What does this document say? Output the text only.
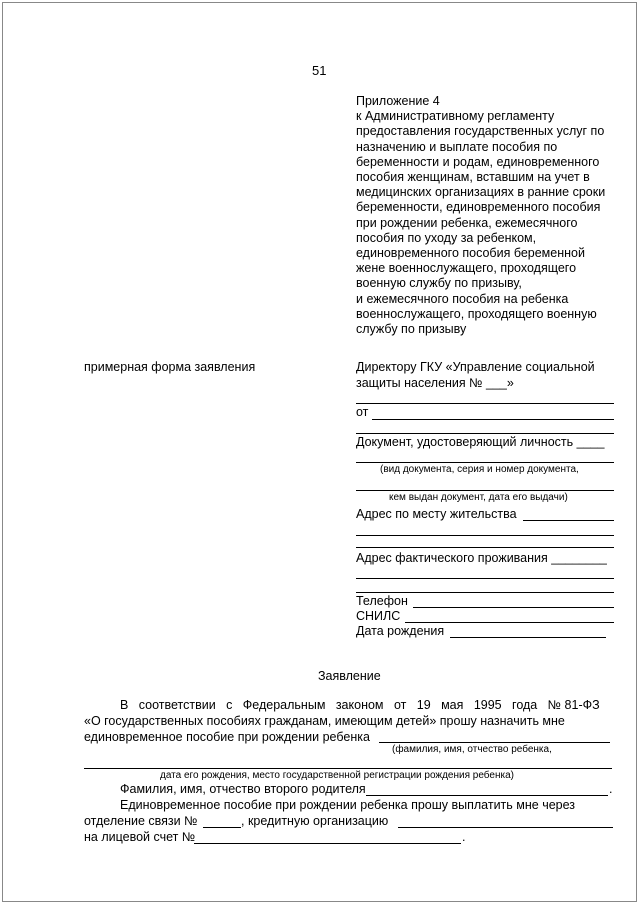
51
Приложение 4
к Административному регламенту
предоставления государственных услуг по
назначению и выплате пособия по
беременности и родам, единовременного
пособия женщинам, вставшим на учет в
медицинских организациях в ранние сроки
беременности, единовременного пособия
при рождении ребенка, ежемесячного
пособия по уходу за ребенком,
единовременного пособия беременной
жене военнослужащего, проходящего
военную службу по призыву,
и ежемесячного пособия на ребенка
военнослужащего, проходящего военную
службу по призыву
примерная форма заявления	Директору ГКУ «Управление социальной
защиты населения № ___»
от
Документ, удостоверяющий личность ____
(вид документа, серия и номер документа,
кем выдан документ, дата его выдачи)
Адрес по месту жительства
Адрес фактического проживания ________
Телефон
СНИЛС
Дата рождения
Заявление
В   соответствии   с   Федеральным   законом   от   19   мая   1995   года   № 81-ФЗ
«О государственных пособиях гражданам, имеющим детей» прошу назначить мне
единовременное пособие при рождении ребенка
(фамилия, имя, отчество ребенка,
дата его рождения, место государственной регистрации рождения ребенка)
Фамилия, имя, отчество второго родителя	.
Единовременное пособие при рождении ребенка прошу выплатить мне через
отделение связи №	, кредитную организацию
на лицевой счет №	.
